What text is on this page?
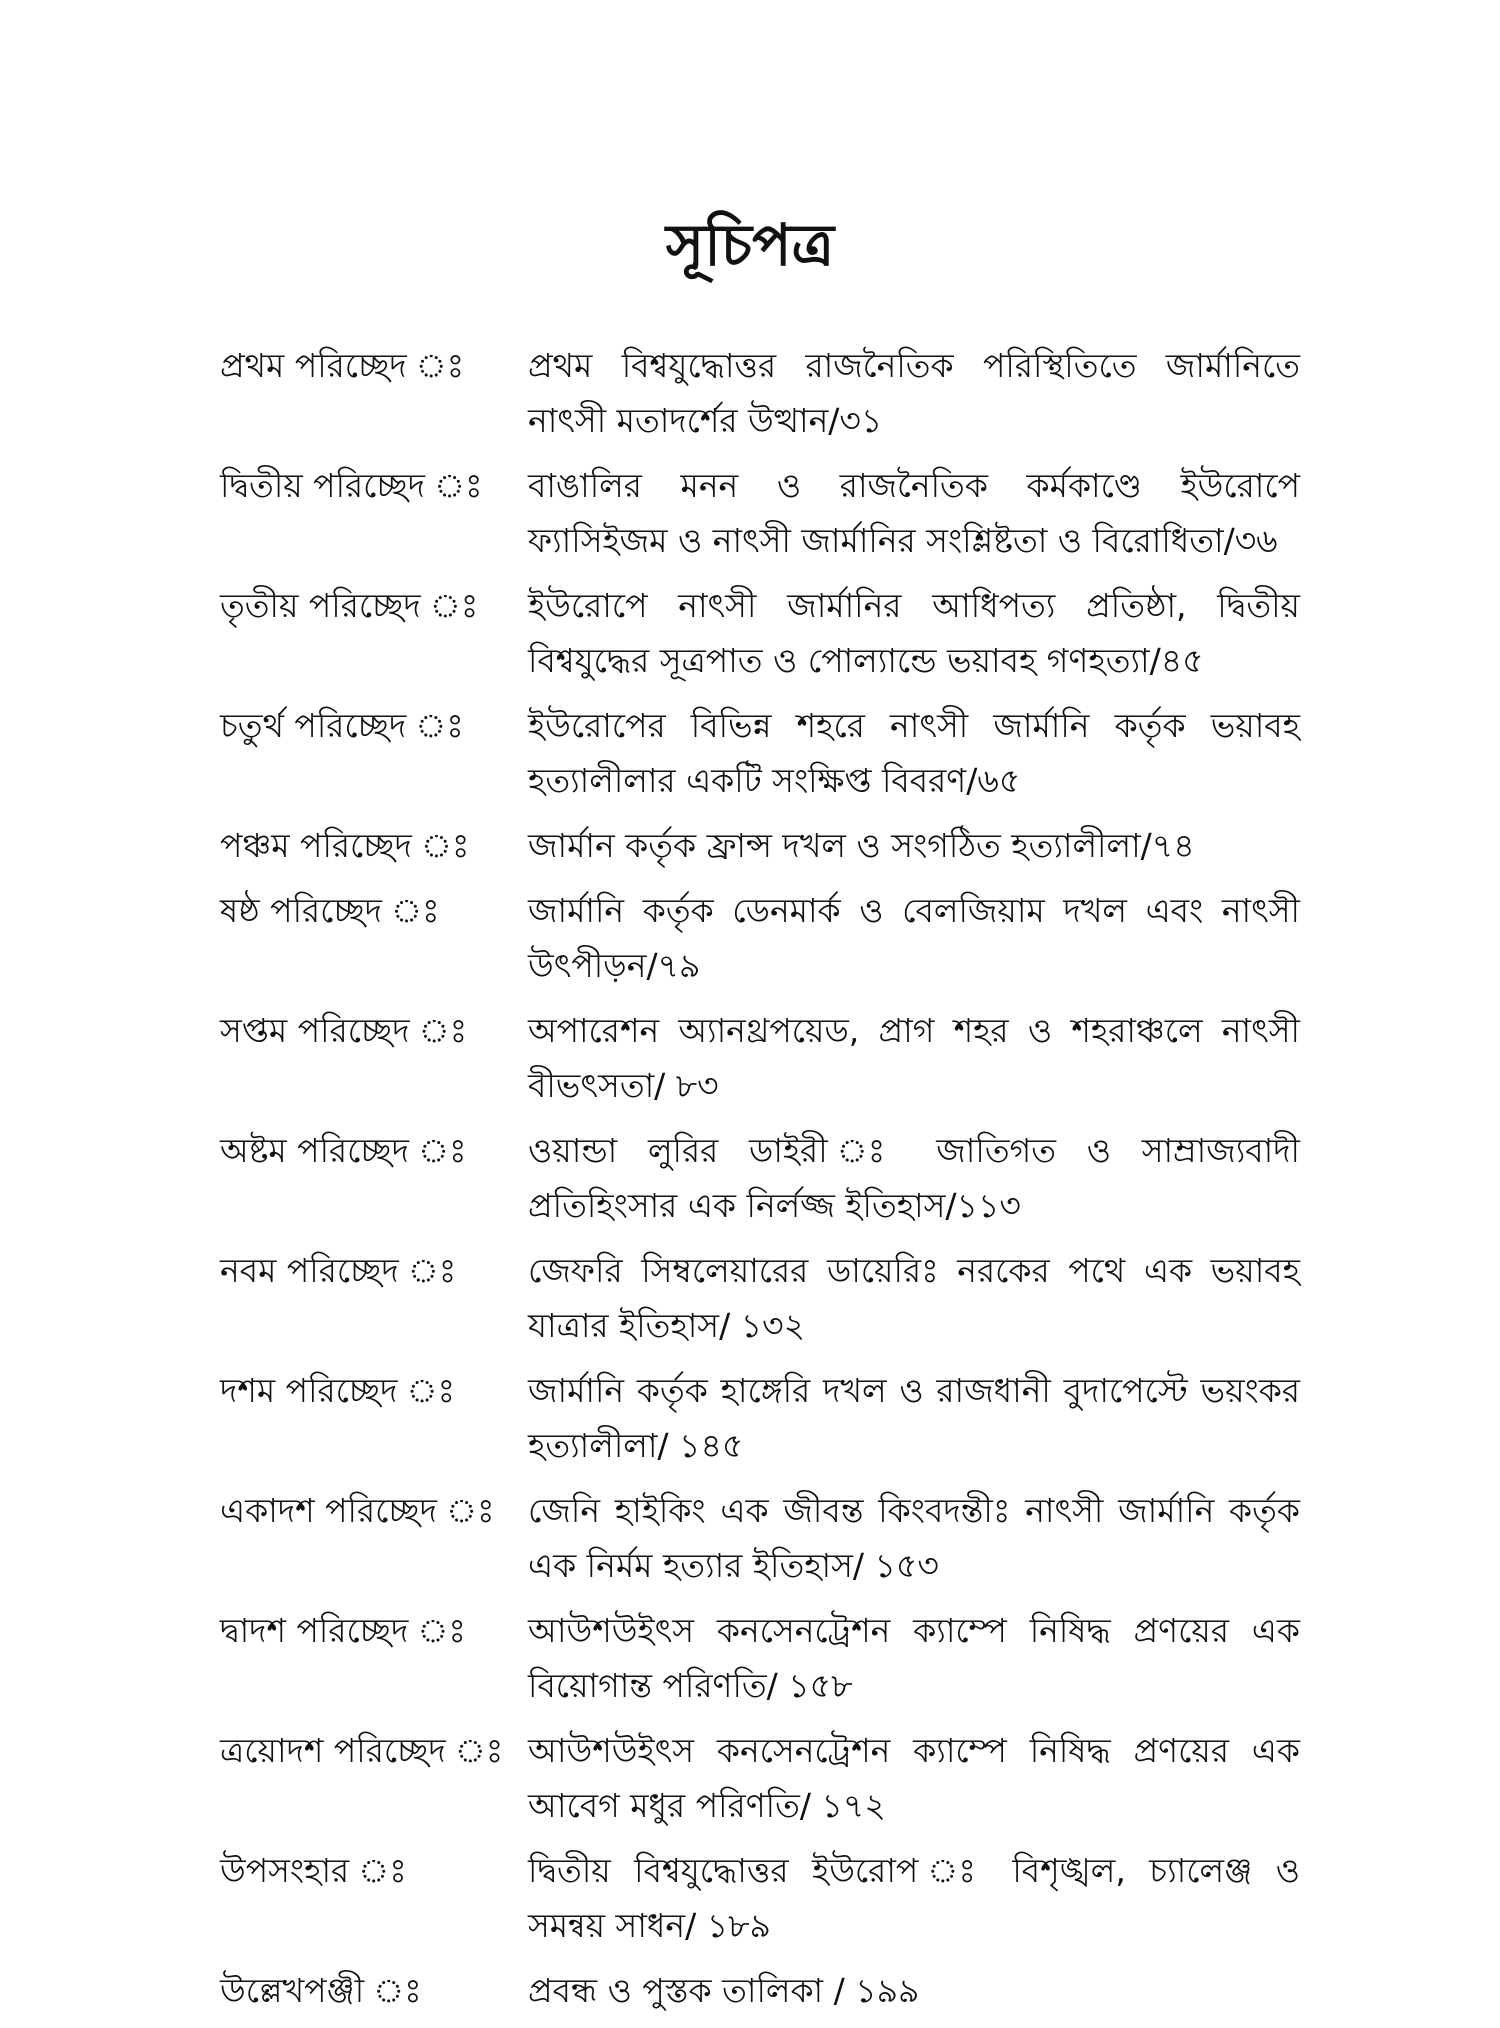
সূচিপত্র
প্রথম পরিচ্ছেদ ঃ	প্রথম বিশ্বযুদ্ধোত্তর রাজনৈতিক পরিস্থিতিতে জার্মানিতে নাৎসী মতাদর্শের উত্থান/৩১
দ্বিতীয় পরিচ্ছেদ ঃ	বাঙালির মনন ও রাজনৈতিক কর্মকাণ্ডে ইউরোপে ফ্যাসিইজম ও নাৎসী জার্মানির সংশ্লিষ্টতা ও বিরোধিতা/৩৬
তৃতীয় পরিচ্ছেদ ঃ	ইউরোপে নাৎসী জার্মানির আধিপত্য প্রতিষ্ঠা, দ্বিতীয় বিশ্বযুদ্ধের সূত্রপাত ও পোল্যান্ডে ভয়াবহ গণহত্যা/৪৫
চতুর্থ পরিচ্ছেদ ঃ	ইউরোপের বিভিন্ন শহরে নাৎসী জার্মানি কর্তৃক ভয়াবহ হত্যালীলার একটি সংক্ষিপ্ত বিবরণ/৬৫
পঞ্চম পরিচ্ছেদ ঃ	জার্মান কর্তৃক ফ্রান্স দখল ও সংগঠিত হত্যালীলা/৭৪
ষষ্ঠ পরিচ্ছেদ ঃ	জার্মানি কর্তৃক ডেনমার্ক ও বেলজিয়াম দখল এবং নাৎসী উৎপীড়ন/৭৯
সপ্তম পরিচ্ছেদ ঃ	অপারেশন অ্যানথ্রপয়েড, প্রাগ শহর ও শহরাঞ্চলে নাৎসী বীভৎসতা/ ৮৩
অষ্টম পরিচ্ছেদ ঃ	ওয়ান্ডা লুরির ডাইরী ঃ জাতিগত ও সাম্রাজ্যবাদী প্রতিহিংসার এক নির্লজ্জ ইতিহাস/১১৩
নবম পরিচ্ছেদ ঃ	জেফরি সিম্বলেয়ারের ডায়েরিঃ নরকের পথে এক ভয়াবহ যাত্রার ইতিহাস/ ১৩২
দশম পরিচ্ছেদ ঃ	জার্মানি কর্তৃক হাঙ্গেরি দখল ও রাজধানী বুদাপেস্টে ভয়ংকর হত্যালীলা/ ১৪৫
একাদশ পরিচ্ছেদ ঃ	জেনি হাইকিং এক জীবন্ত কিংবদন্তীঃ নাৎসী জার্মানি কর্তৃক এক নির্মম হত্যার ইতিহাস/ ১৫৩
দ্বাদশ পরিচ্ছেদ ঃ	আউশউইৎস কনসেনট্রেশন ক্যাম্পে নিষিদ্ধ প্রণয়ের এক বিয়োগান্ত পরিণতি/ ১৫৮
ত্রয়োদশ পরিচ্ছেদ ঃ আউশউইৎস কনসেনট্রেশন ক্যাম্পে নিষিদ্ধ প্রণয়ের এক আবেগ মধুর পরিণতি/ ১৭২
উপসংহার ঃ	দ্বিতীয় বিশ্বযুদ্ধোত্তর ইউরোপ ঃ বিশৃঙ্খল, চ্যালেঞ্জ ও সমন্বয় সাধন/ ১৮৯
উল্লেখপঞ্জী ঃ	প্রবন্ধ ও পুস্তক তালিকা / ১৯৯
